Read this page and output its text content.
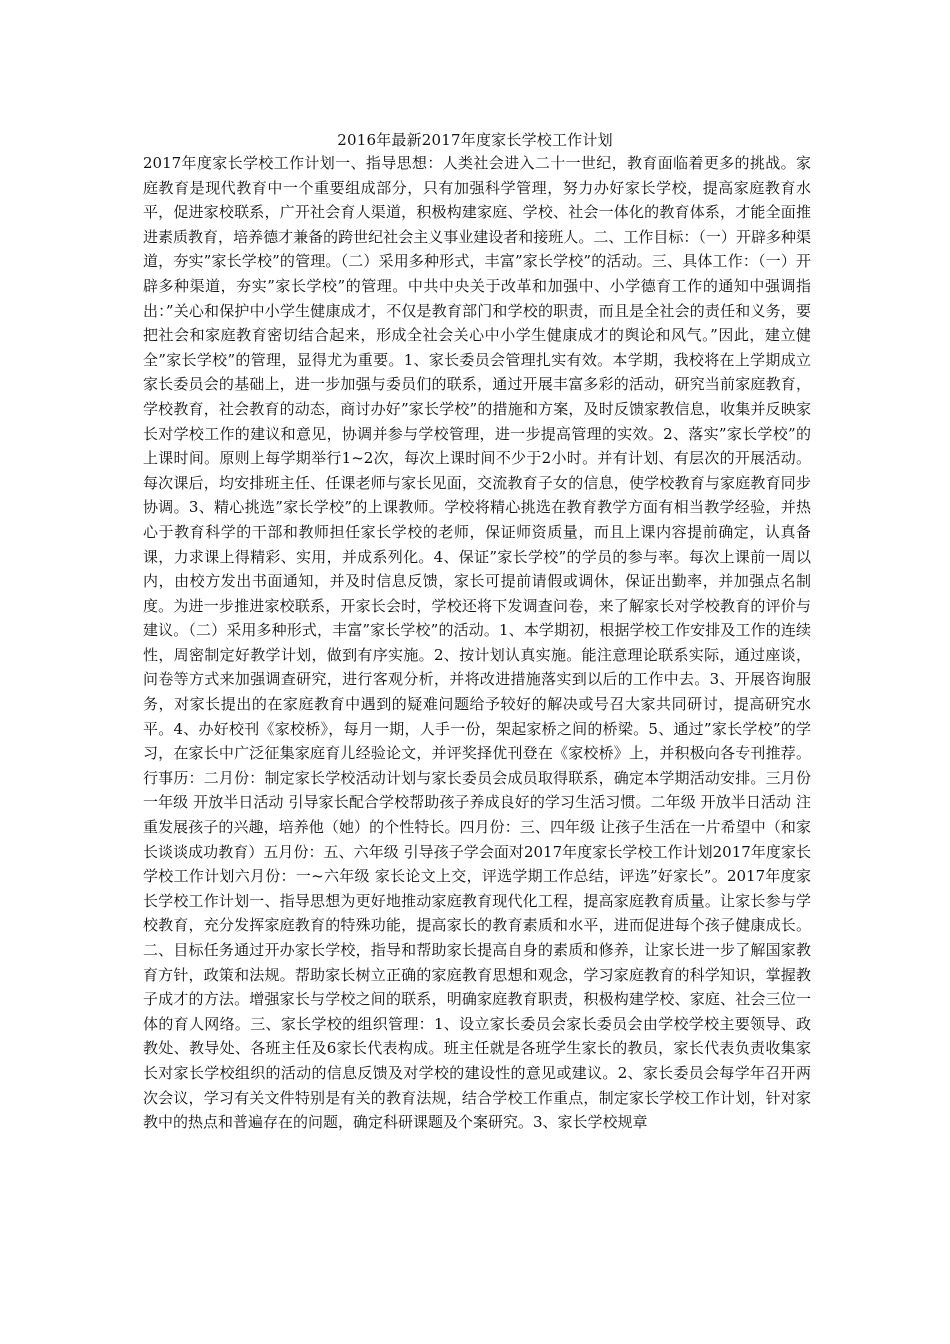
2016年最新2017年度家长学校工作计划
2017年度家长学校工作计划一、指导思想：人类社会进入二十一世纪，教育面临着更多的挑战。家庭教育是现代教育中一个重要组成部分，只有加强科学管理，努力办好家长学校，提高家庭教育水平，促进家校联系，广开社会育人渠道，积极构建家庭、学校、社会一体化的教育体系，才能全面推进素质教育，培养德才兼备的跨世纪社会主义事业建设者和接班人。二、工作目标：（一）开辟多种渠道，夯实”家长学校”的管理。（二）采用多种形式，丰富”家长学校”的活动。三、具体工作：（一）开辟多种渠道，夯实”家长学校”的管理。中共中央关于改革和加强中、小学德育工作的通知中强调指出：”关心和保护中小学生健康成才，不仅是教育部门和学校的职责，而且是全社会的责任和义务，要把社会和家庭教育密切结合起来，形成全社会关心中小学生健康成才的舆论和风气。”因此，建立健全”家长学校”的管理，显得尤为重要。1、家长委员会管理扎实有效。本学期，我校将在上学期成立家长委员会的基础上，进一步加强与委员们的联系，通过开展丰富多彩的活动，研究当前家庭教育，学校教育，社会教育的动态，商讨办好”家长学校”的措施和方案，及时反馈家教信息，收集并反映家长对学校工作的建议和意见，协调并参与学校管理，进一步提高管理的实效。2、落实”家长学校”的上课时间。原则上每学期举行1~2次，每次上课时间不少于2小时。并有计划、有层次的开展活动。每次课后，均安排班主任、任课老师与家长见面，交流教育子女的信息，使学校教育与家庭教育同步协调。3、精心挑选”家长学校”的上课教师。学校将精心挑选在教育教学方面有相当教学经验，并热心于教育科学的干部和教师担任家长学校的老师，保证师资质量，而且上课内容提前确定，认真备课，力求课上得精彩、实用，并成系列化。4、保证”家长学校”的学员的参与率。每次上课前一周以内，由校方发出书面通知，并及时信息反馈，家长可提前请假或调休，保证出勤率，并加强点名制度。为进一步推进家校联系，开家长会时，学校还将下发调查问卷，来了解家长对学校教育的评价与建议。（二）采用多种形式，丰富”家长学校”的活动。1、本学期初，根据学校工作安排及工作的连续性，周密制定好教学计划，做到有序实施。2、按计划认真实施。能注意理论联系实际，通过座谈，问卷等方式来加强调查研究，进行客观分析，并将改进措施落实到以后的工作中去。3、开展咨询服务，对家长提出的在家庭教育中遇到的疑难问题给予较好的解决或号召大家共同研讨，提高研究水平。4、办好校刊《家校桥》，每月一期，人手一份，架起家桥之间的桥梁。5、通过”家长学校”的学习，在家长中广泛征集家庭育儿经验论文，并评奖择优刊登在《家校桥》上，并积极向各专刊推荐。行事历：二月份：制定家长学校活动计划与家长委员会成员取得联系，确定本学期活动安排。三月份一年级 开放半日活动 引导家长配合学校帮助孩子养成良好的学习生活习惯。二年级 开放半日活动 注重发展孩子的兴趣，培养他（她）的个性特长。四月份：三、四年级 让孩子生活在一片希望中（和家长谈谈成功教育）五月份：五、六年级 引导孩子学会面对2017年度家长学校工作计划2017年度家长学校工作计划六月份：一~六年级 家长论文上交，评选学期工作总结，评选”好家长”。2017年度家长学校工作计划一、指导思想为更好地推动家庭教育现代化工程，提高家庭教育质量。让家长参与学校教育，充分发挥家庭教育的特殊功能，提高家长的教育素质和水平，进而促进每个孩子健康成长。二、目标任务通过开办家长学校，指导和帮助家长提高自身的素质和修养，让家长进一步了解国家教育方针，政策和法规。帮助家长树立正确的家庭教育思想和观念，学习家庭教育的科学知识，掌握教子成才的方法。增强家长与学校之间的联系，明确家庭教育职责，积极构建学校、家庭、社会三位一体的育人网络。三、家长学校的组织管理：1、设立家长委员会家长委员会由学校学校主要领导、政教处、教导处、各班主任及6家长代表构成。班主任就是各班学生家长的教员，家长代表负责收集家长对家长学校组织的活动的信息反馈及对学校的建设性的意见或建议。2、家长委员会每学年召开两次会议，学习有关文件特别是有关的教育法规，结合学校工作重点，制定家长学校工作计划，针对家教中的热点和普遍存在的问题，确定科研课题及个案研究。3、家长学校规章
